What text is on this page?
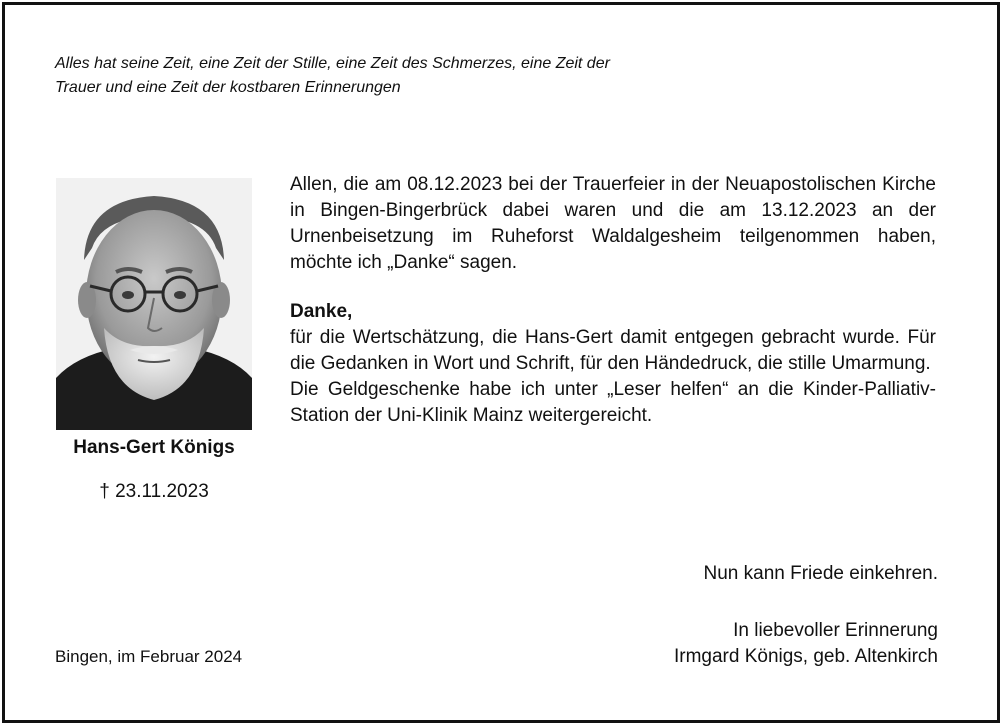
Alles hat seine Zeit, eine Zeit der Stille, eine Zeit des Schmerzes, eine Zeit der
Trauer und eine Zeit der kostbaren Erinnerungen
Hans-Gert Königs
† 23.11.2023
Allen, die am 08.12.2023 bei der Trauerfeier in der Neuapostolischen Kirche in Bingen-Bingerbrück dabei waren und die am 13.12.2023 an der Urnenbeisetzung im Ruheforst Waldalgesheim teilgenommen haben, möchte ich „Danke“ sagen.
Danke,
für die Wertschätzung, die Hans-Gert damit entgegen gebracht wurde. Für die Gedanken in Wort und Schrift, für den Händedruck, die stille Umarmung.
Die Geldgeschenke habe ich unter „Leser helfen“ an die Kinder-Palliativ-Station der Uni-Klinik Mainz weitergereicht.
Nun kann Friede einkehren.
In liebevoller Erinnerung
Irmgard Königs, geb. Altenkirch
Bingen, im Februar 2024
